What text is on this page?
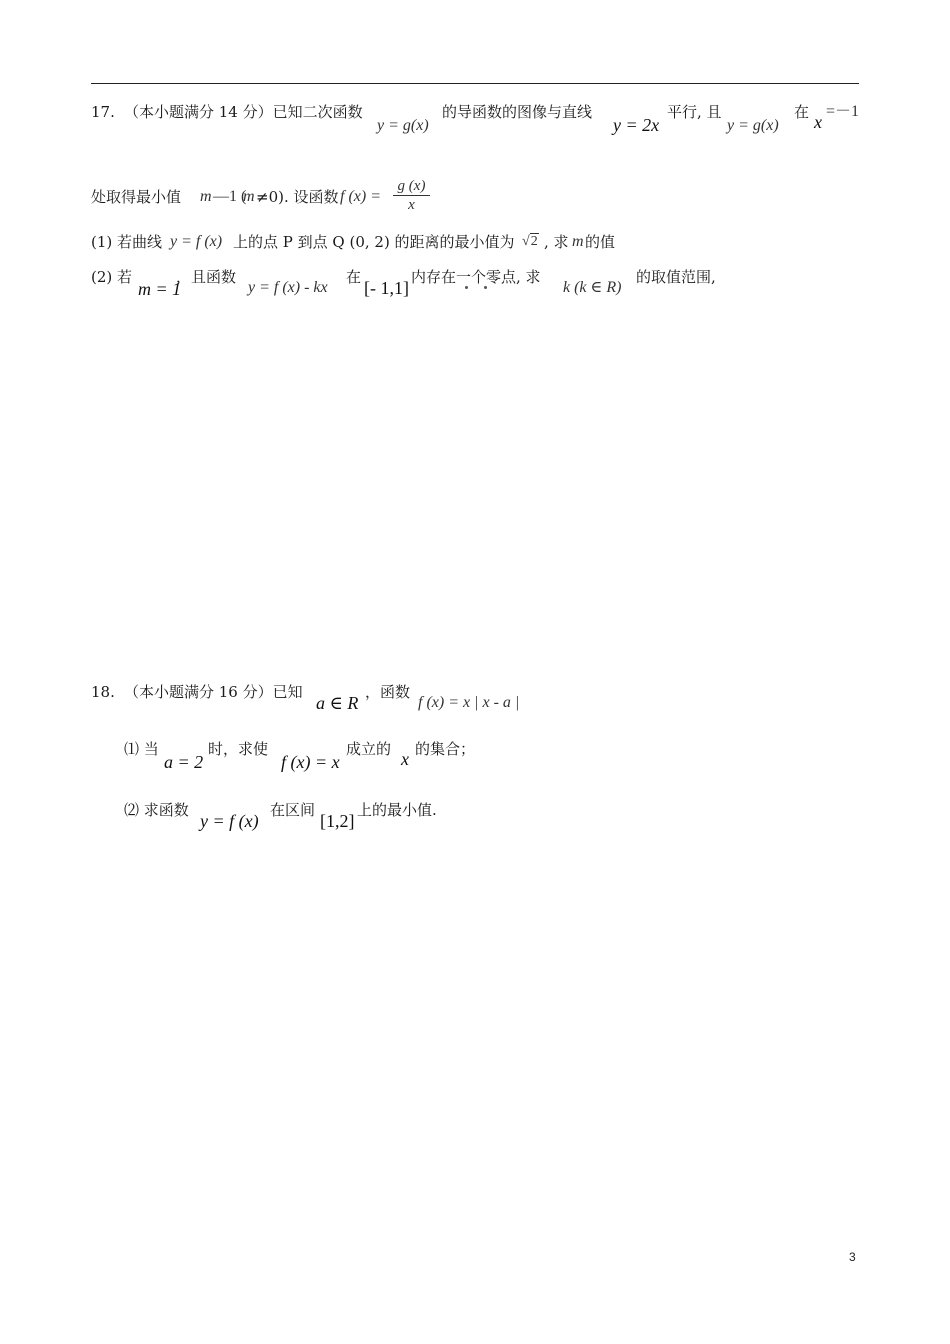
17. （本小题满分 14 分）已知二次函数
y = g(x)
的导函数的图像与直线
y = 2x
平行, 且
y = g(x)
在 x
=－1
处取得最小值 m —1 (
m ≠0). 设函数 f (x) =
g (x)
x
(1) 若曲线 y = f (x) 上的点 P 到点 Q (0, 2) 的距离的最小值为 √2 , 求 m 的值
(2) 若
m = 1
，且函数
y = f (x) - kx
在
[- 1,1]
内存在一个零点, 求
k (k ∈ R)
的取值范围,
18. （本小题满分 16 分）已知
a ∈ R
，函数
f (x) = x | x - a |
⑴ 当
a = 2
时，求使
f (x) = x
成立的 x 的集合；
⑵ 求函数
y = f (x)
在区间
[1,2]
上的最小值.
3
